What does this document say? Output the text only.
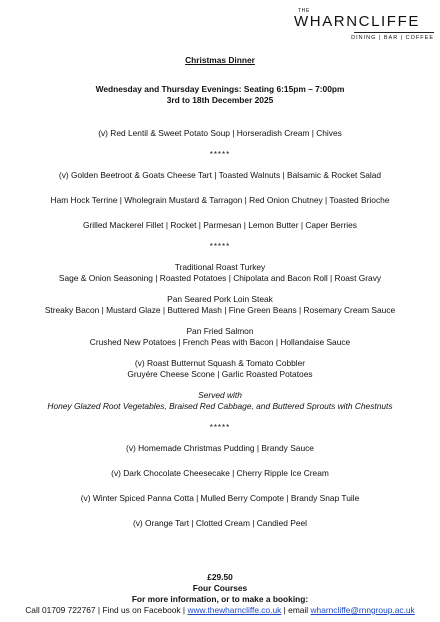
THE
WHARNCLIFFE
DINING | BAR | COFFEE

Christmas Dinner

Wednesday and Thursday Evenings: Seating 6:15pm – 7:00pm

3rd to 18th December 2025

(v) Red Lentil & Sweet Potato Soup | Horseradish Cream | Chives

*****

(v) Golden Beetroot & Goats Cheese Tart | Toasted Walnuts | Balsamic & Rocket Salad

Ham Hock Terrine | Wholegrain Mustard & Tarragon | Red Onion Chutney | Toasted Brioche

Grilled Mackerel Fillet | Rocket | Parmesan | Lemon Butter | Caper Berries

*****

Traditional Roast Turkey

Sage & Onion Seasoning | Roasted Potatoes | Chipolata and Bacon Roll | Roast Gravy

Pan Seared Pork Loin Steak

Streaky Bacon | Mustard Glaze | Buttered Mash | Fine Green Beans | Rosemary Cream Sauce

Pan Fried Salmon

Crushed New Potatoes | French Peas with Bacon | Hollandaise Sauce

(v) Roast Butternut Squash & Tomato Cobbler

Gruyére Cheese Scone | Garlic Roasted Potatoes

Served with

Honey Glazed Root Vegetables, Braised Red Cabbage, and Buttered Sprouts with Chestnuts

*****

(v) Homemade Christmas Pudding | Brandy Sauce

(v) Dark Chocolate Cheesecake | Cherry Ripple Ice Cream

(v) Winter Spiced Panna Cotta | Mulled Berry Compote | Brandy Snap Tuile

(v) Orange Tart | Clotted Cream | Candied Peel

£29.50

Four Courses

For more information, or to make a booking:

Call 01709 722767 | Find us on Facebook | www.thewharncliffe.co.uk | email wharncliffe@rnngroup.ac.uk
